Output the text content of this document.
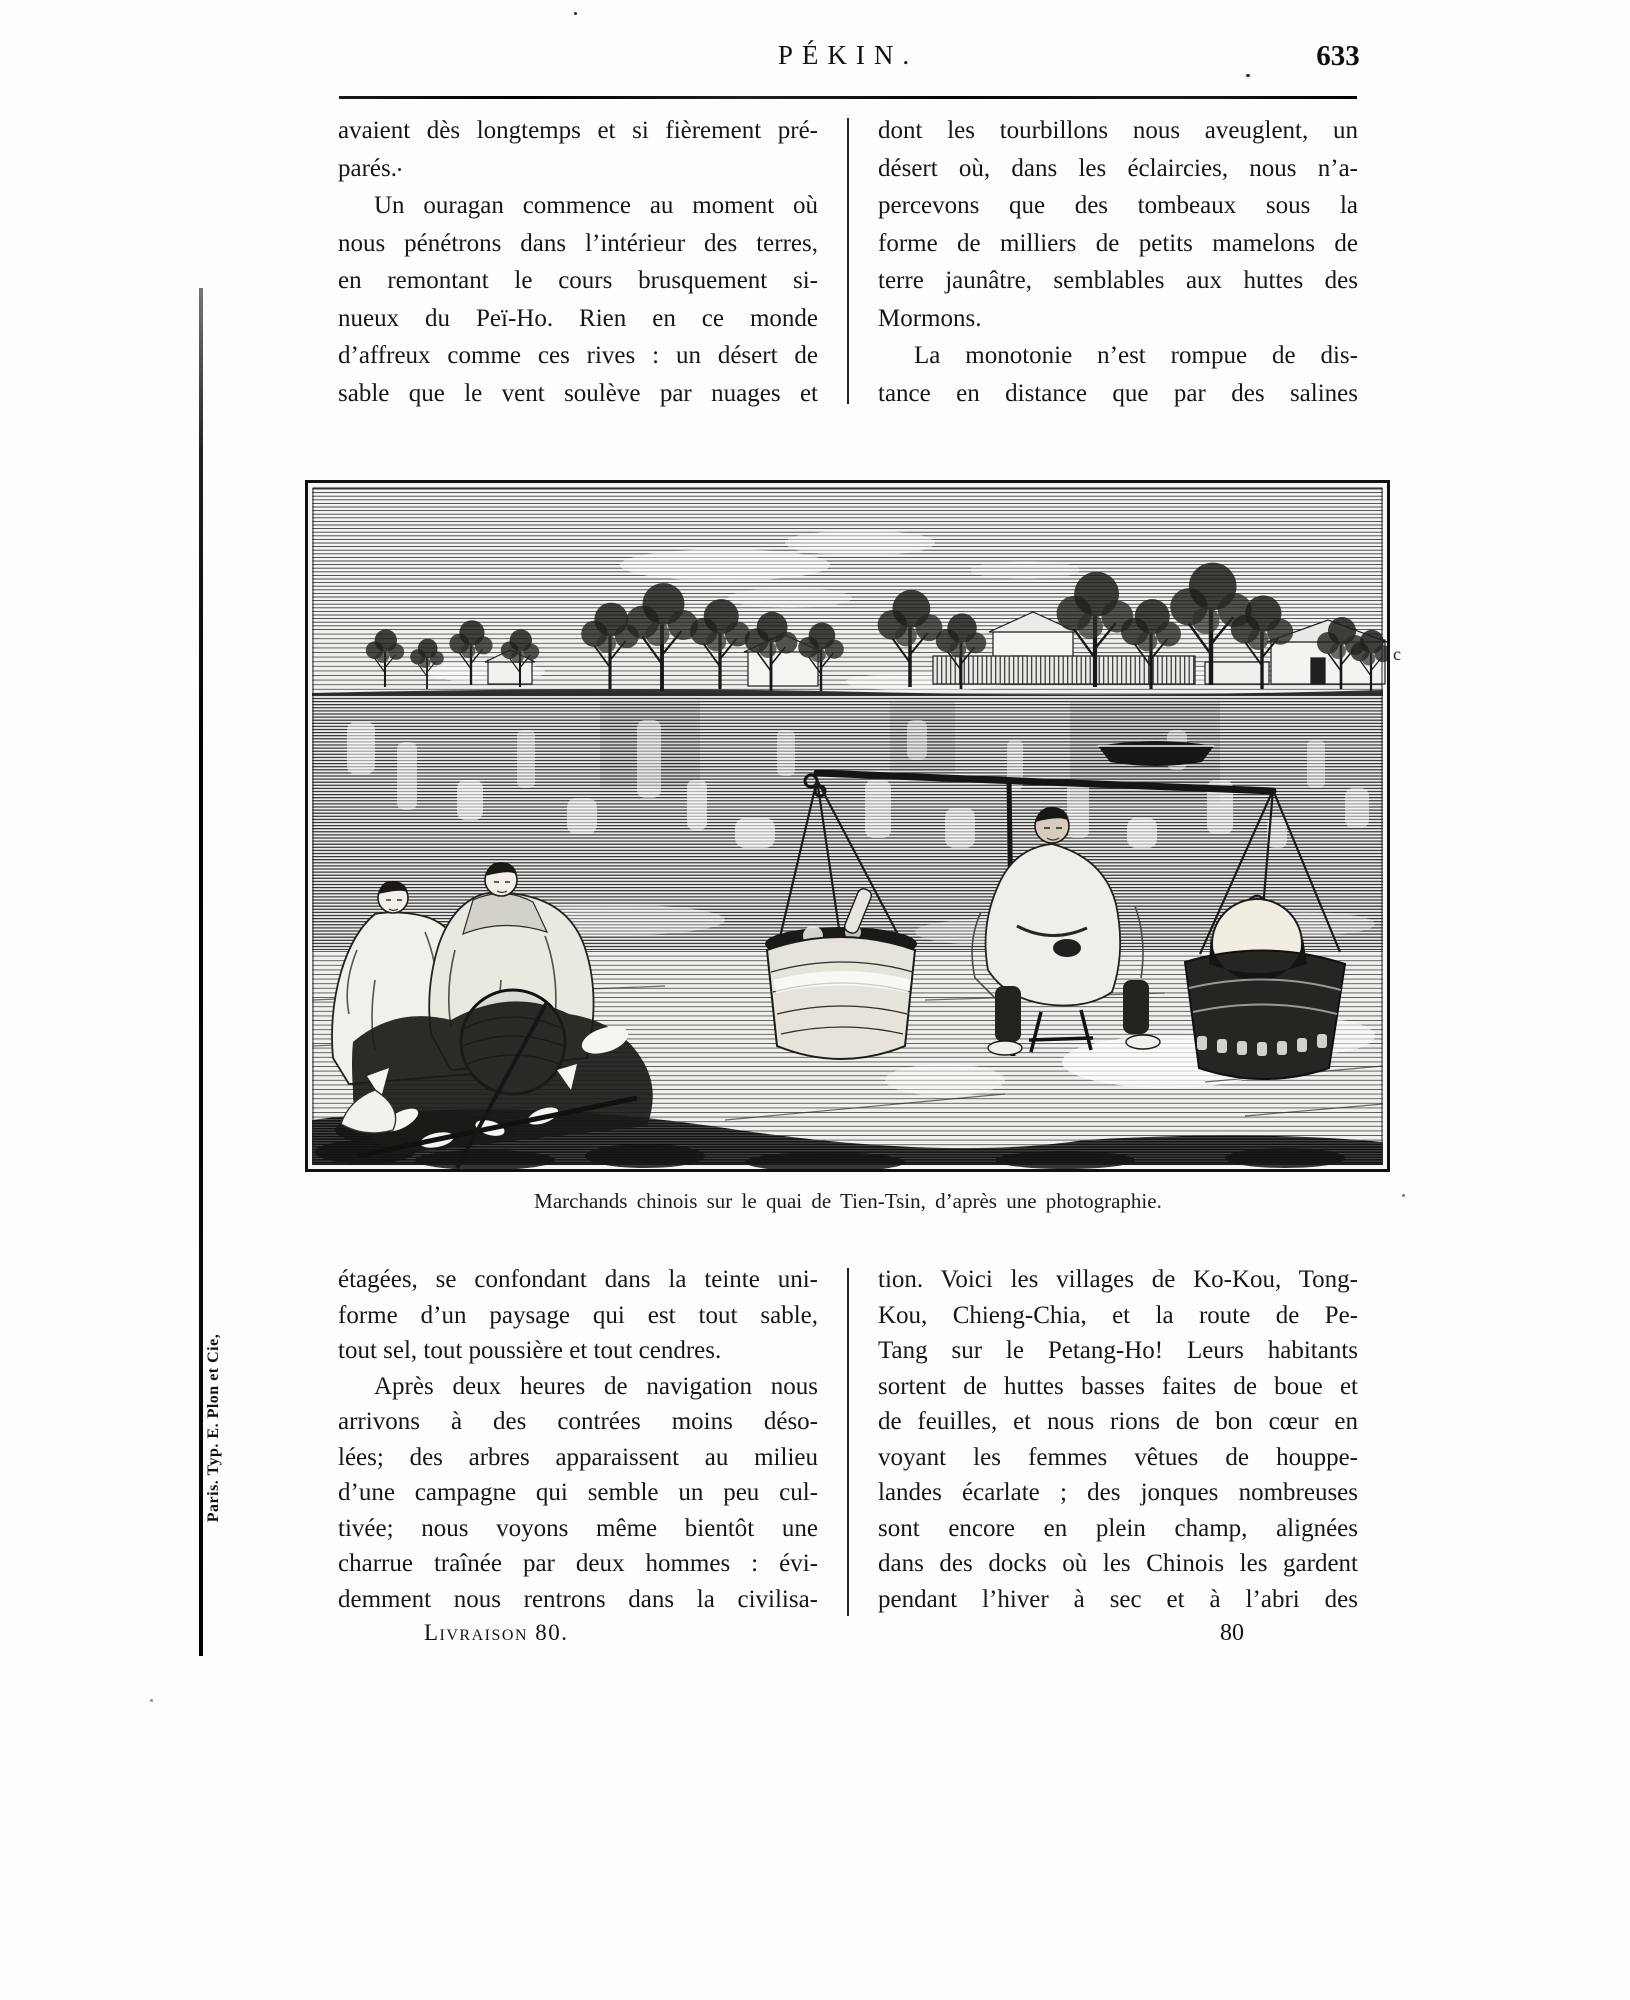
PÉKIN.	633
avaient dès longtemps et si fièrement pré-
parés.
Un ouragan commence au moment où
nous pénétrons dans l’intérieur des terres,
en remontant le cours brusquement si-
nueux du Peï-Ho. Rien en ce monde
d’affreux comme ces rives : un désert de
sable que le vent soulève par nuages et
dont les tourbillons nous aveuglent, un
désert où, dans les éclaircies, nous n’a-
percevons que des tombeaux sous la
forme de milliers de petits mamelons de
terre jaunâtre, semblables aux huttes des
Mormons.
La monotonie n’est rompue de dis-
tance en distance que par des salines
c
Marchands chinois sur le quai de Tien-Tsin, d’après une photographie.
étagées, se confondant dans la teinte uni-
forme d’un paysage qui est tout sable,
tout sel, tout poussière et tout cendres.
Après deux heures de navigation nous
arrivons à des contrées moins déso-
lées; des arbres apparaissent au milieu
d’une campagne qui semble un peu cul-
tivée; nous voyons même bientôt une
charrue traînée par deux hommes : évi-
demment nous rentrons dans la civilisa-
tion. Voici les villages de Ko-Kou, Tong-
Kou, Chieng-Chia, et la route de Pe-
Tang sur le Petang-Ho! Leurs habitants
sortent de huttes basses faites de boue et
de feuilles, et nous rions de bon cœur en
voyant les femmes vêtues de houppe-
landes écarlate ; des jonques nombreuses
sont encore en plein champ, alignées
dans des docks où les Chinois les gardent
pendant l’hiver à sec et à l’abri des
Livraison 80.	80
Paris. Typ. E. Plon et Cie,
